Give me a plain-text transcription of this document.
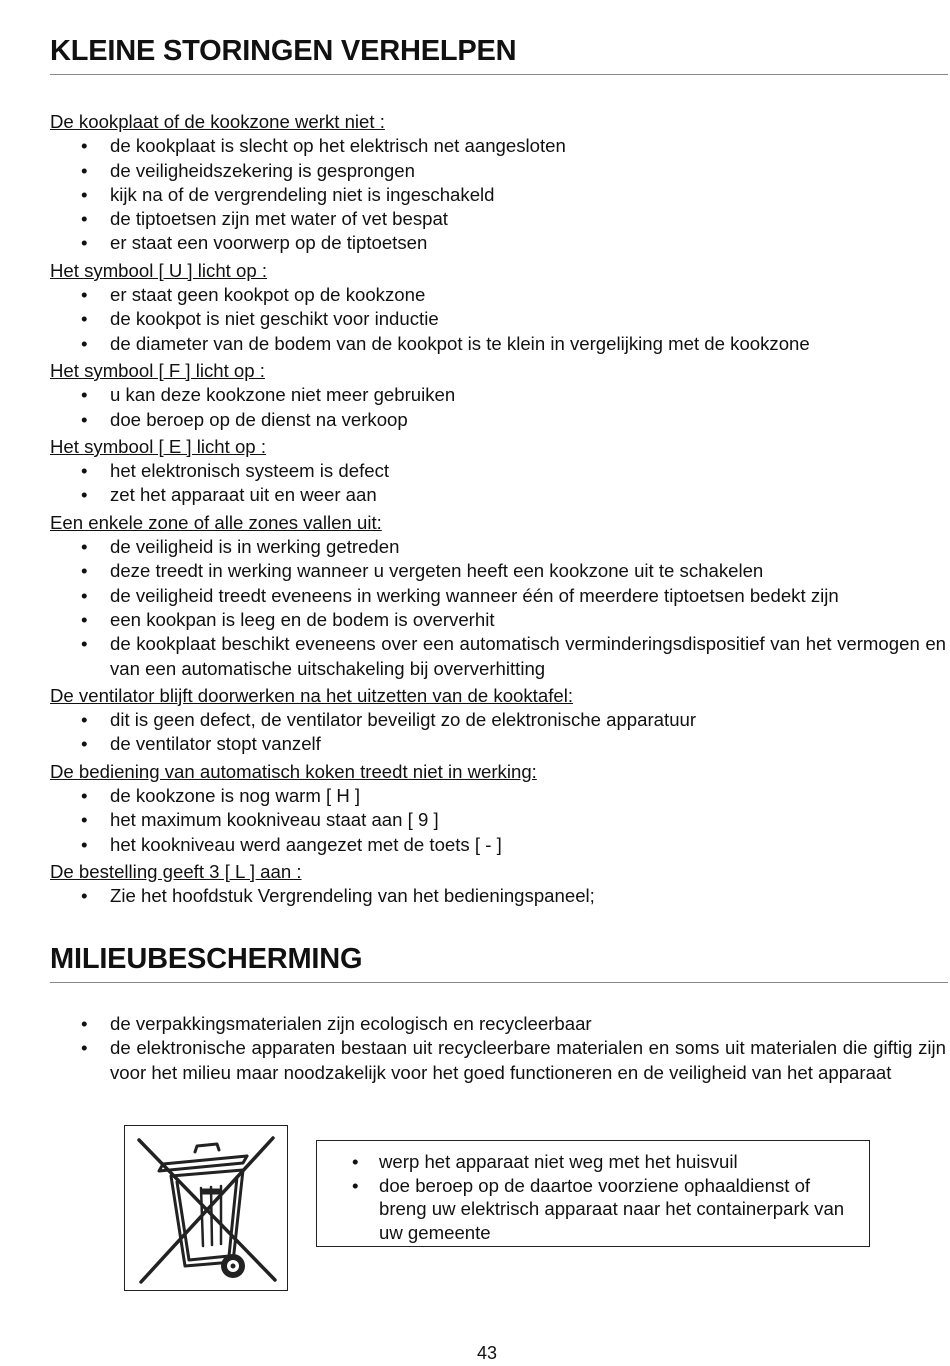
KLEINE STORINGEN VERHELPEN
De kookplaat of de kookzone werkt niet :
• de kookplaat is slecht op het elektrisch net aangesloten
• de veiligheidszekering is gesprongen
• kijk na of de vergrendeling niet is ingeschakeld
• de tiptoetsen zijn met water of vet bespat
• er staat een voorwerp op de tiptoetsen
Het symbool [ U ] licht op :
• er staat geen kookpot op de kookzone
• de kookpot is niet geschikt voor inductie
• de diameter van de bodem van de kookpot is te klein in vergelijking met de kookzone
Het symbool [ F ] licht op :
• u kan deze kookzone niet meer gebruiken
• doe beroep op de dienst na verkoop
Het symbool [ E ] licht op :
• het elektronisch systeem is defect
• zet het apparaat uit en weer aan
Een enkele zone of alle zones vallen uit:
• de veiligheid is in werking getreden
• deze treedt in werking wanneer u vergeten heeft een kookzone uit te schakelen
• de veiligheid treedt eveneens in werking wanneer één of meerdere tiptoetsen bedekt zijn
• een kookpan is leeg en de bodem is oververhit
• de kookplaat beschikt eveneens over een automatisch verminderingsdispositief van het vermogen en van een automatische uitschakeling bij oververhitting
De ventilator blijft doorwerken na het uitzetten van de kooktafel:
• dit is geen defect, de ventilator beveiligt zo de elektronische apparatuur
• de ventilator stopt vanzelf
De bediening van automatisch koken treedt niet in werking:
• de kookzone is nog warm [ H ]
• het maximum kookniveau staat aan [ 9 ]
• het kookniveau werd aangezet met de toets [ - ]
De bestelling geeft 3 [ L ] aan :
• Zie het hoofdstuk Vergrendeling van het bedieningspaneel;
MILIEUBESCHERMING
• de verpakkingsmaterialen zijn ecologisch en recycleerbaar
• de elektronische apparaten bestaan uit recycleerbare materialen en soms uit materialen die giftig zijn voor het milieu maar noodzakelijk voor het goed functioneren en de veiligheid van het apparaat
• werp het apparaat niet weg met het huisvuil
• doe beroep op de daartoe voorziene ophaaldienst of breng uw elektrisch apparaat naar het containerpark van uw gemeente
43
